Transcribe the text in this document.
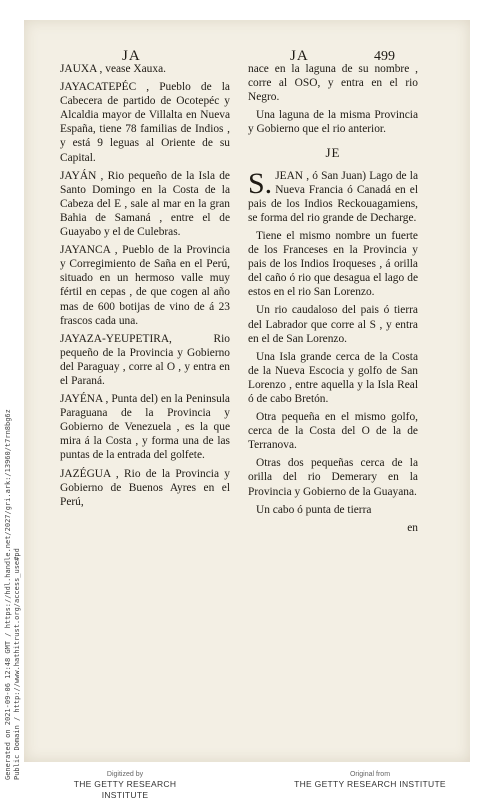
JA	JA	499

JAUXA , vease Xauxa.

JAYACATEPÉC , Pueblo de la Cabecera de partido de Ocotepéc y Alcaldia mayor de Villalta en Nueva España, tiene 78 familias de Indios , y está 9 leguas al Oriente de su Capital.

JAYÁN , Rio pequeño de la Isla de Santo Domingo en la Costa de la Cabeza del E , sale al mar en la gran Bahia de Samaná , entre el de Guayabo y el de Culebras.

JAYANCA , Pueblo de la Provincia y Corregimiento de Saña en el Perú, situado en un hermoso valle muy fértil en cepas , de que cogen al año mas de 600 botijas de vino de á 23 frascos cada una.

JAYAZA-YEUPETIRA, Rio pequeño de la Provincia y Gobierno del Paraguay , corre al O , y entra en el Paraná.

JAYÉNA , Punta del) en la Peninsula Paraguana de la Provincia y Gobierno de Venezuela , es la que mira á la Costa , y forma una de las puntas de la entrada del golfete.

JAZÉGUA , Rio de la Provincia y Gobierno de Buenos Ayres en el Perú,

nace en la laguna de su nombre , corre al OSO, y entra en el rio Negro.

Una laguna de la misma Provincia y Gobierno que el rio anterior.

JE

S. JEAN , ó San Juan) Lago de la Nueva Francia ó Canadá en el pais de los Indios Reckouagamiens, se forma del rio grande de Decharge.

Tiene el mismo nombre un fuerte de los Franceses en la Provincia y pais de los Indios Iroqueses , á orilla del caño ó rio que desagua el lago de estos en el rio San Lorenzo.

Un rio caudaloso del pais ó tierra del Labrador que corre al S , y entra en el de San Lorenzo.

Una Isla grande cerca de la Costa de la Nueva Escocia y golfo de San Lorenzo , entre aquella y la Isla Real ó de cabo Bretón.

Otra pequeña en el mismo golfo, cerca de la Costa del O de la de Terranova.

Otras dos pequeñas cerca de la orilla del rio Demerary en la Provincia y Gobierno de la Guayana.

Un cabo ó punta de tierra

en
Generated on 2021-09-06 12:48 GMT / https://hdl.handle.net/2027/gri.ark:/13960/t7rn8bg6z Public Domain / http://www.hathitrust.org/access_use#pd	Digitized by
THE GETTY RESEARCH INSTITUTE
Original from
THE GETTY RESEARCH INSTITUTE
